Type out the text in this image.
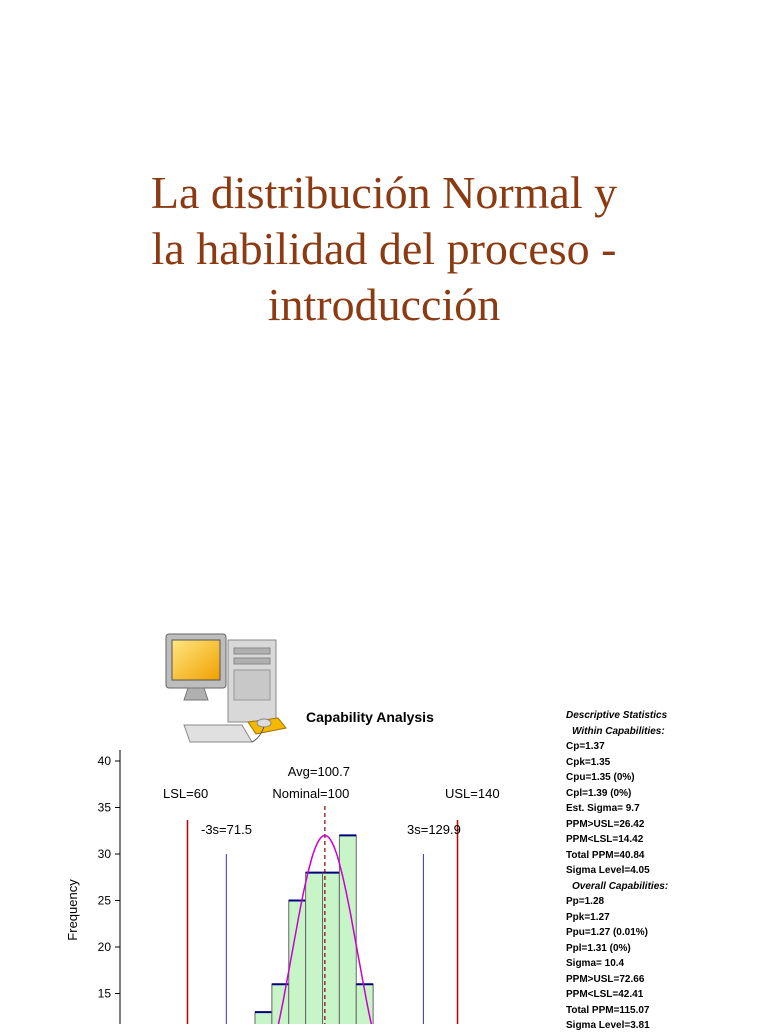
La distribución Normal y
la habilidad del proceso -
introducción
Capability Analysis	Descriptive Statistics
Within Capabilities:
Cp=1.37
Cpk=1.35
Cpu=1.35 (0%)
Cpl=1.39 (0%)
Est. Sigma= 9.7
PPM>USL=26.42
PPM<LSL=14.42
Total PPM=40.84
Sigma Level=4.05
Overall Capabilities:
Pp=1.28
Ppk=1.27
Ppu=1.27 (0.01%)
Ppl=1.31 (0%)
Sigma= 10.4
PPM>USL=72.66
PPM<LSL=42.41
Total PPM=115.07
Sigma Level=3.81
40
35
30
25
20
15
Frequency
LSL=60	USL=140
-3s=71.5	3s=129.9
Avg=100.7
Nominal=100
